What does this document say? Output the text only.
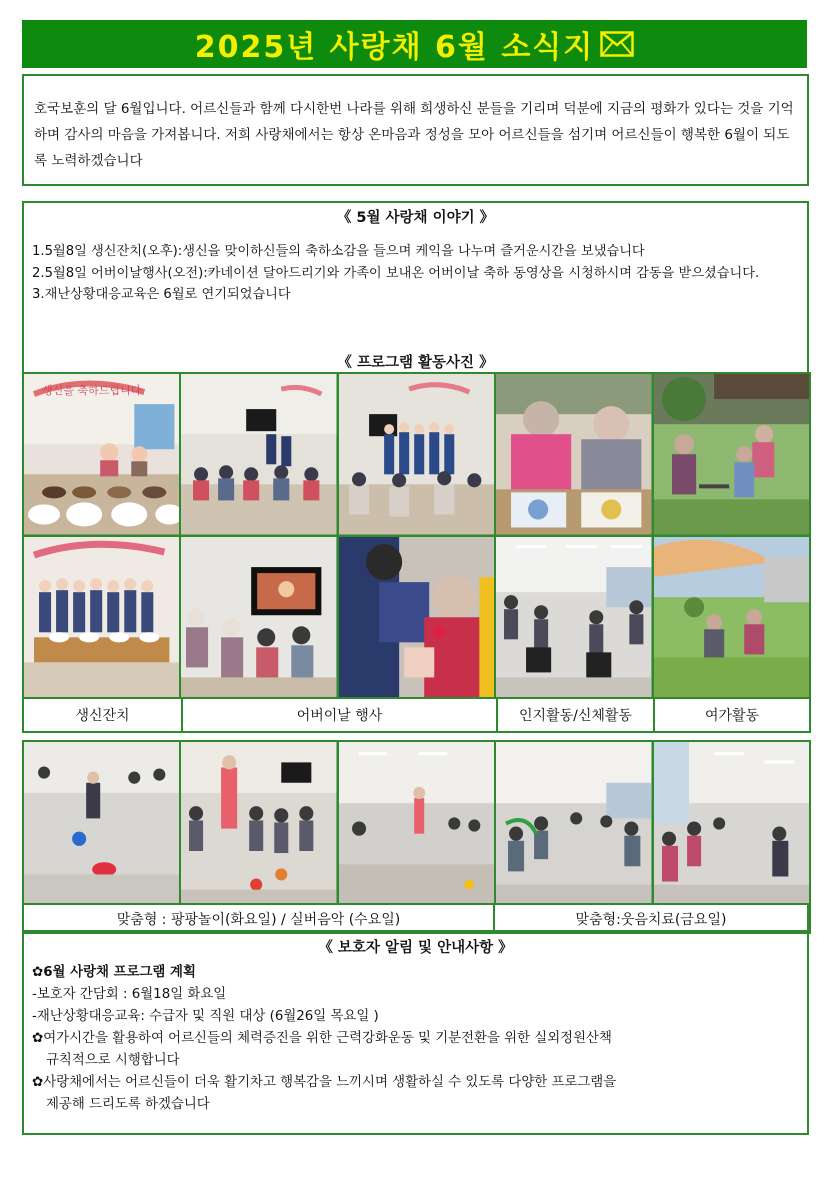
2025년 사랑채 6월 소식지
호국보훈의 달 6월입니다. 어르신들과 함께 다시한번 나라를 위해 희생하신 분들을 기리며 덕분에 지금의 평화가 있다는 것을 기억하며 감사의 마음을 가져봅니다. 저희 사랑채에서는 항상 온마음과 정성을 모아 어르신들을 섬기며 어르신들이 행복한 6월이 되도록 노력하겠습니다
《 5월 사랑채 이야기 》
1.5월8일 생신잔치(오후):생신을 맞이하신들의 축하소감을 들으며 케익을 나누며 즐거운시간을 보냈습니다
2.5월8일 어버이날행사(오전):카네이션 달아드리기와 가족이 보내온 어버이날 축하 동영상을 시청하시며 감동을 받으셨습니다.
3.재난상황대응교육은 6월로 연기되었습니다
《 프로그램 활동사진 》
생신을 축하드립니다
생신잔치	어버이날 행사	인지활동/신체활동	여가활동
맞춤형 : 팡팡놀이(화요일) / 실버음악 (수요일)	맞춤형:웃음치료(금요일)
《 보호자 알림 및 안내사항 》
✿6월 사랑채 프로그램 계획
-보호자 간담회 : 6월18일 화요일
-재난상황대응교육: 수급자 및 직원 대상 (6월26일 목요일 )
✿여가시간을 활용하여 어르신들의 체력증진을 위한 근력강화운동 및 기분전환을 위한 실외정원산책
규칙적으로 시행합니다
✿사랑채에서는 어르신들이 더욱 활기차고 행복감을 느끼시며 생활하실 수 있도록 다양한 프로그램을
제공해 드리도록 하겠습니다
